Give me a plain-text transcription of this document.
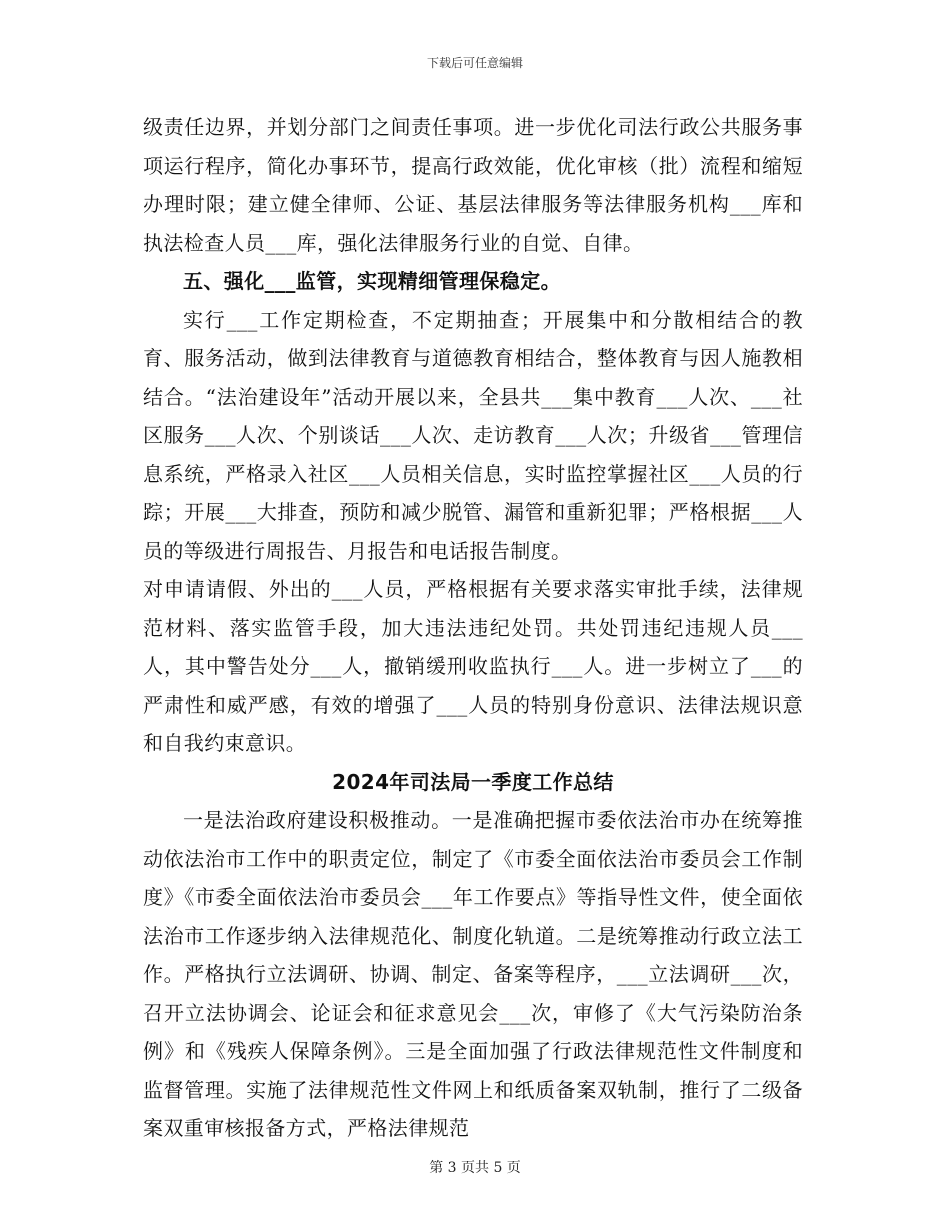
下载后可任意编辑

级责任边界，并划分部门之间责任事项。进一步优化司法行政公共服务事项运行程序，简化办事环节，提高行政效能，优化审核（批）流程和缩短办理时限；建立健全律师、公证、基层法律服务等法律服务机构___库和执法检查人员___库，强化法律服务行业的自觉、自律。

五、强化___监管，实现精细管理保稳定。

实行___工作定期检查，不定期抽查；开展集中和分散相结合的教育、服务活动，做到法律教育与道德教育相结合，整体教育与因人施教相结合。“法治建设年”活动开展以来，全县共___集中教育___人次、___社区服务___人次、个别谈话___人次、走访教育___人次；升级省___管理信息系统，严格录入社区___人员相关信息，实时监控掌握社区___人员的行踪；开展___大排查，预防和减少脱管、漏管和重新犯罪；严格根据___人员的等级进行周报告、月报告和电话报告制度。

对申请请假、外出的___人员，严格根据有关要求落实审批手续，法律规范材料、落实监管手段，加大违法违纪处罚。共处罚违纪违规人员___人，其中警告处分___人，撤销缓刑收监执行___人。进一步树立了___的严肃性和威严感，有效的增强了___人员的特别身份意识、法律法规识意和自我约束意识。

2024年司法局一季度工作总结

一是法治政府建设积极推动。一是准确把握市委依法治市办在统筹推动依法治市工作中的职责定位，制定了《市委全面依法治市委员会工作制度》《市委全面依法治市委员会___年工作要点》等指导性文件，使全面依法治市工作逐步纳入法律规范化、制度化轨道。二是统筹推动行政立法工作。严格执行立法调研、协调、制定、备案等程序，___立法调研___次，召开立法协调会、论证会和征求意见会___次，审修了《大气污染防治条例》和《残疾人保障条例》。三是全面加强了行政法律规范性文件制度和监督管理。实施了法律规范性文件网上和纸质备案双轨制，推行了二级备案双重审核报备方式，严格法律规范

第 3 页共 5 页
